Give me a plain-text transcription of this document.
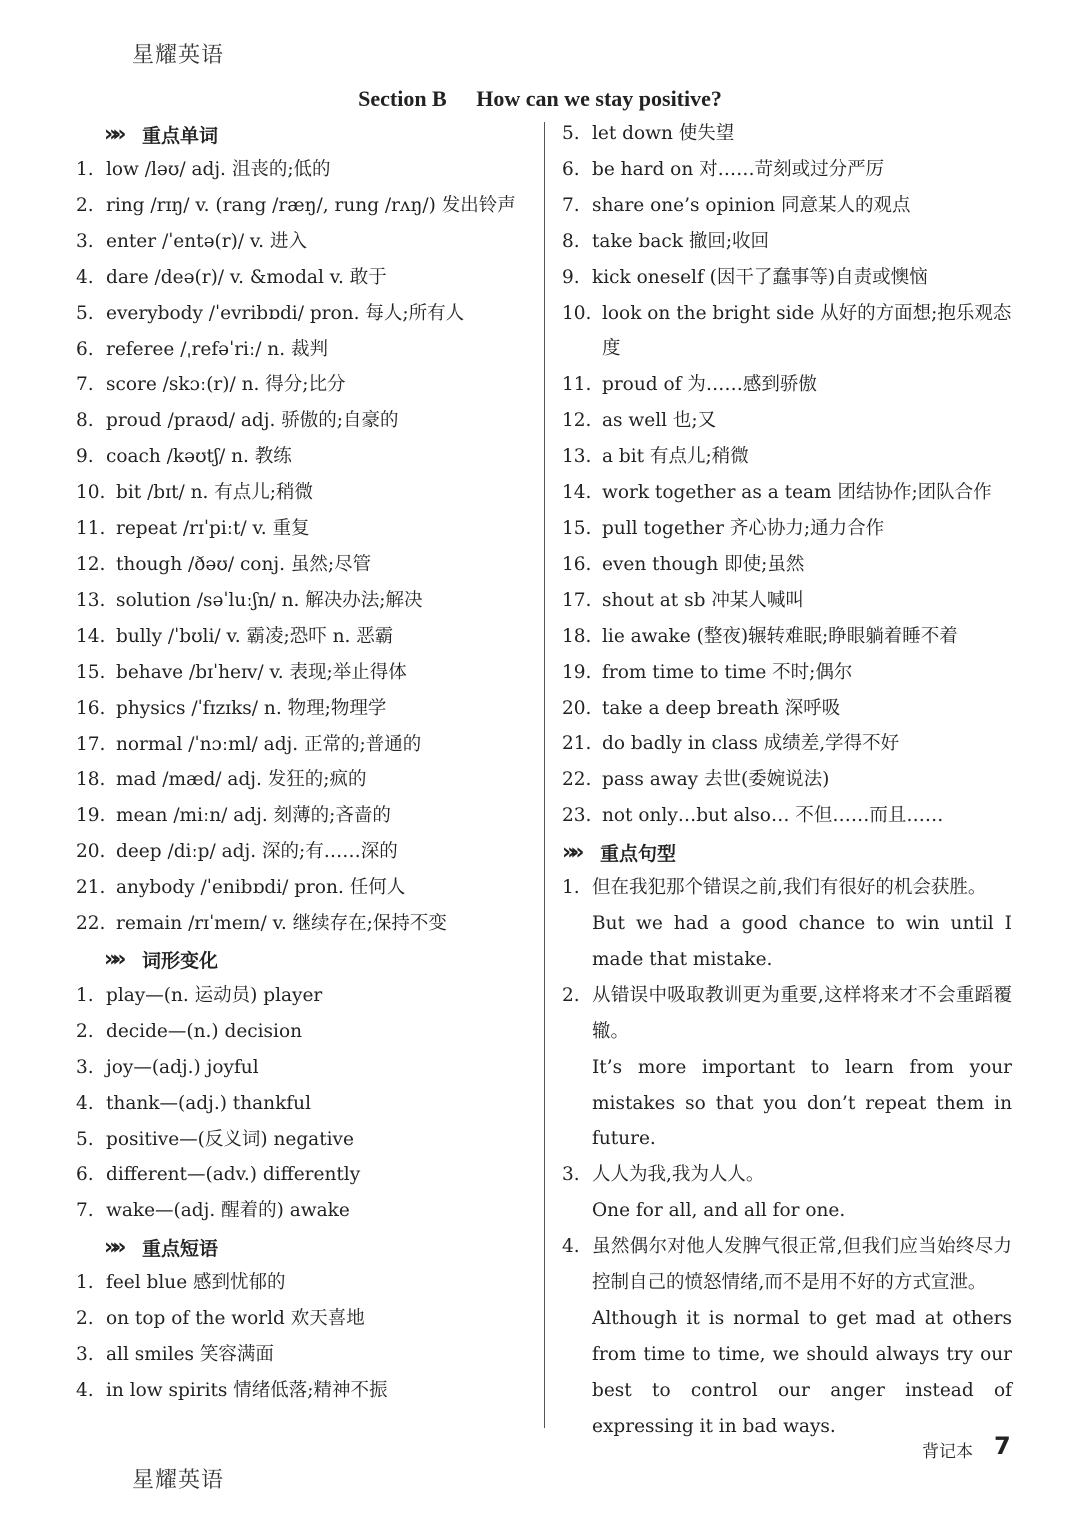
星耀英语
Section B How can we stay positive?
»»	重点单词
1. low /ləʊ/ adj. 沮丧的;低的
2. ring /rɪŋ/ v. (rang /ræŋ/, rung /rʌŋ/) 发出铃声
3. enter /ˈentə(r)/ v. 进入
4. dare /deə(r)/ v. &modal v. 敢于
5. everybody /ˈevribɒdi/ pron. 每人;所有人
6. referee /ˌrefəˈriː/ n. 裁判
7. score /skɔː(r)/ n. 得分;比分
8. proud /praʊd/ adj. 骄傲的;自豪的
9. coach /kəʊtʃ/ n. 教练
10. bit /bɪt/ n. 有点儿;稍微
11. repeat /rɪˈpiːt/ v. 重复
12. though /ðəʊ/ conj. 虽然;尽管
13. solution /səˈluːʃn/ n. 解决办法;解决
14. bully /ˈbʊli/ v. 霸凌;恐吓 n. 恶霸
15. behave /bɪˈheɪv/ v. 表现;举止得体
16. physics /ˈfɪzɪks/ n. 物理;物理学
17. normal /ˈnɔːml/ adj. 正常的;普通的
18. mad /mæd/ adj. 发狂的;疯的
19. mean /miːn/ adj. 刻薄的;吝啬的
20. deep /diːp/ adj. 深的;有……深的
21. anybody /ˈenibɒdi/ pron. 任何人
22. remain /rɪˈmeɪn/ v. 继续存在;保持不变
»»	词形变化
1. play—(n. 运动员) player
2. decide—(n.) decision
3. joy—(adj.) joyful
4. thank—(adj.) thankful
5. positive—(反义词) negative
6. different—(adv.) differently
7. wake—(adj. 醒着的) awake
»»	重点短语
1. feel blue 感到忧郁的
2. on top of the world 欢天喜地
3. all smiles 笑容满面
4. in low spirits 情绪低落;精神不振
5. let down 使失望
6. be hard on 对……苛刻或过分严厉
7. share one’s opinion 同意某人的观点
8. take back 撤回;收回
9. kick oneself (因干了蠢事等)自责或懊恼
10. look on the bright side 从好的方面想;抱乐观态度
11. proud of 为……感到骄傲
12. as well 也;又
13. a bit 有点儿;稍微
14. work together as a team 团结协作;团队合作
15. pull together 齐心协力;通力合作
16. even though 即使;虽然
17. shout at sb 冲某人喊叫
18. lie awake (整夜)辗转难眠;睁眼躺着睡不着
19. from time to time 不时;偶尔
20. take a deep breath 深呼吸
21. do badly in class 成绩差,学得不好
22. pass away 去世(委婉说法)
23. not only…but also… 不但……而且……
»»	重点句型
1. 但在我犯那个错误之前,我们有很好的机会获胜。

But we had a good chance to win until I made that mistake.

2. 从错误中吸取教训更为重要,这样将来才不会重蹈覆辙。

It’s more important to learn from your mistakes so that you don’t repeat them in future.

3. 人人为我,我为人人。

One for all, and all for one.

4. 虽然偶尔对他人发脾气很正常,但我们应当始终尽力控制自己的愤怒情绪,而不是用不好的方式宣泄。

Although it is normal to get mad at others from time to time, we should always try our best to control our anger instead of expressing it in bad ways.

背记本 7
星耀英语
